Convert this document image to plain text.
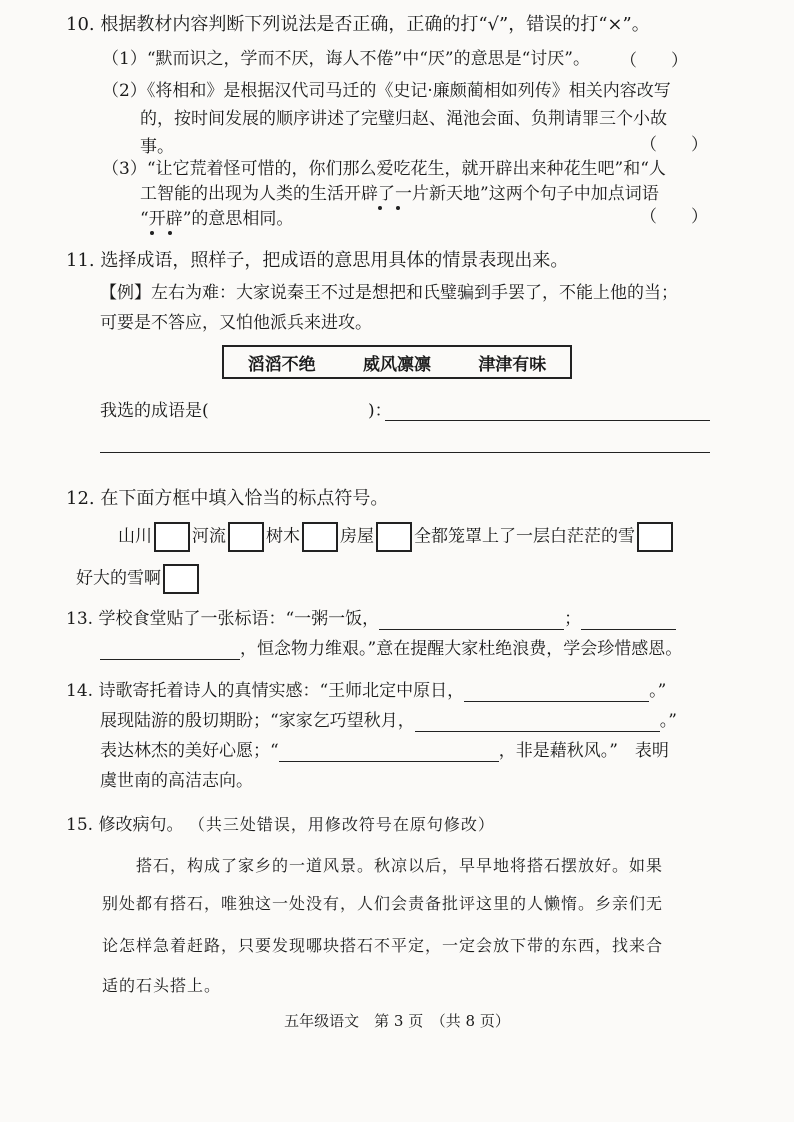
10. 根据教材内容判断下列说法是否正确，正确的打“√”，错误的打“×”。
（1）“默而识之，学而不厌，诲人不倦”中“厌”的意思是“讨厌”。 （　　）
（2）《将相和》是根据汉代司马迁的《史记·廉颇蔺相如列传》相关内容改写
的，按时间发展的顺序讲述了完璧归赵、渑池会面、负荆请罪三个小故
事。	（　　）
（3）“让它荒着怪可惜的，你们那么爱吃花生，就开辟出来种花生吧”和“人
工智能的出现为人类的生活开辟了一片新天地”这两个句子中加点词语
“开辟”的意思相同。	（　　）
11. 选择成语，照样子，把成语的意思用具体的情景表现出来。
【例】左右为难：大家说秦王不过是想把和氏璧骗到手罢了，不能上他的当；
可要是不答应，又怕他派兵来进攻。
滔滔不绝	威风凛凛	津津有味
我选的成语是(	)：
12. 在下面方框中填入恰当的标点符号。
山川 河流 树木 房屋 全都笼罩上了一层白茫茫的雪
好大的雪啊
13. 学校食堂贴了一张标语：“一粥一饭，	；
，恒念物力维艰。”意在提醒大家杜绝浪费，学会珍惜感恩。
14. 诗歌寄托着诗人的真情实感：“王师北定中原日，	。”
展现陆游的殷切期盼；“家家乞巧望秋月，	。”
表达林杰的美好心愿；“	，非是藉秋风。”　表明
虞世南的高洁志向。
15. 修改病句。 （共三处错误，用修改符号在原句修改）
搭石，构成了家乡的一道风景。秋凉以后，早早地将搭石摆放好。如果
别处都有搭石，唯独这一处没有，人们会责备批评这里的人懒惰。乡亲们无
论怎样急着赶路，只要发现哪块搭石不平定，一定会放下带的东西，找来合
适的石头搭上。
五年级语文　第 3 页　（共 8 页）
